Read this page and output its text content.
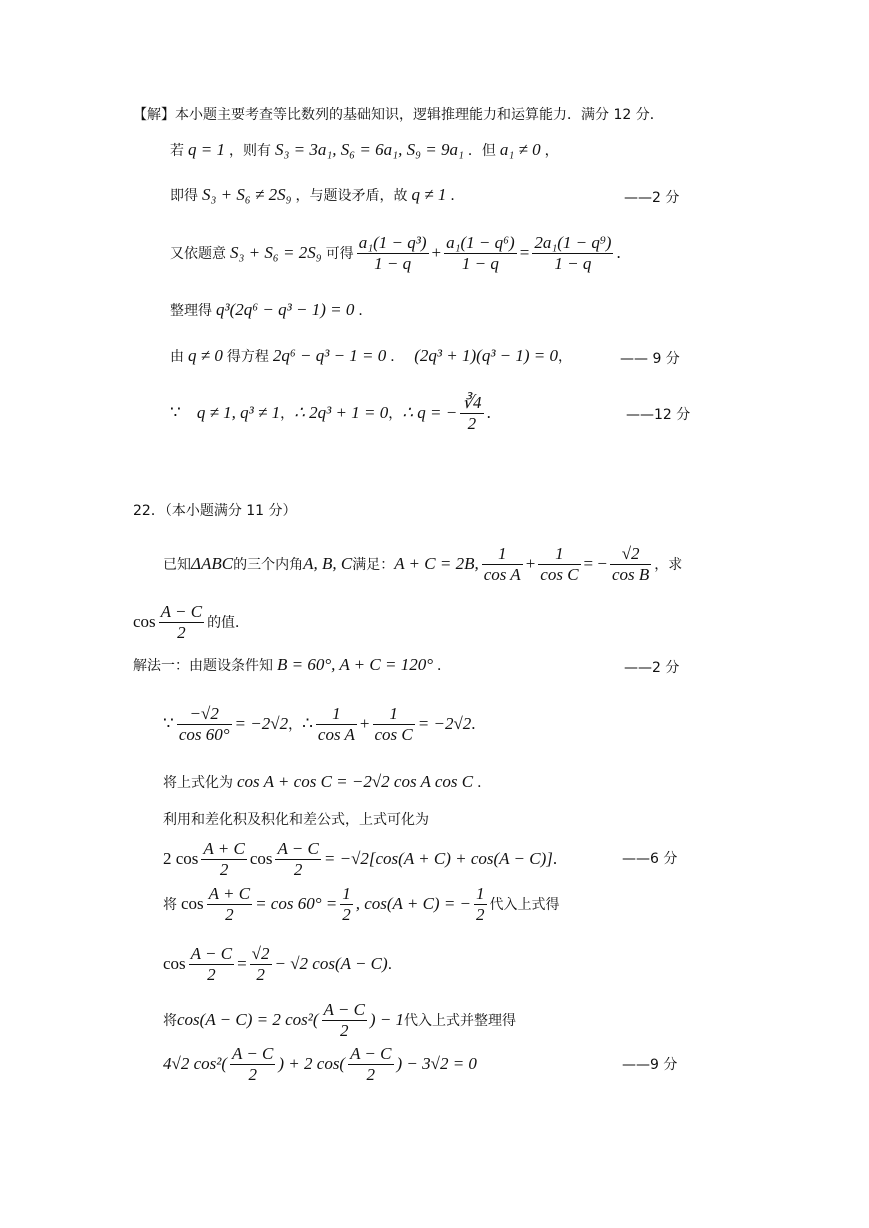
【解】本小题主要考查等比数列的基础知识，逻辑推理能力和运算能力．满分 12 分．
若 q = 1 ，则有 S₃ = 3a₁, S₆ = 6a₁, S₉ = 9a₁ ．但 a₁ ≠ 0 ，
即得 S₃ + S₆ ≠ 2S₉ ，与题设矛盾，故 q ≠ 1 ．	——2 分
又依题意 S₃ + S₆ = 2S₉ 可得 $\frac{\text{a₁(1 − q³)}}{1 - q} + \frac{\text{a₁(1 − q⁶)}}{1 - q} = \frac{\text{2a₁(1 − q⁹)}}{1 - q}$ .
整理得 q³(2q⁶ − q³ − 1) = 0 ．
由 q ≠ 0 得方程 2q⁶ − q³ − 1 = 0 ． (2q³ + 1)(q³ − 1) = 0 ，	—— 9 分
∵ q ≠ 1, q³ ≠ 1 ， ∴ 2q³ + 1 = 0 ， ∴ q = − $\frac{∛4}{2}$ .	——12 分
22．（本小题满分 11 分）
已知 ΔABC 的三个内角 A, B, C 满足： A + C = 2B, $\frac{1}{\text{cos A}} + \frac{1}{\text{cos C}}$ = − $\frac{√2}{\text{cos B}}$ ，求
$\cos \frac{A - C}{2}$ 的值．
解法一：由题设条件知 B = 60°, A + C = 120° ．	——2 分
∵ $\frac{-√2}{\cos 60^\circ} = -2√2$ ， ∴ $\frac{1}{\text{cos A}} + \frac{1}{\text{cos C}} = -2√2$ .
将上式化为 cos A + cos C = −2√2 cos A cos C ．
利用和差化积及积化和差公式，上式可化为
2 $\cos \frac{A + C}{2}$ $\cos \frac{A - C}{2} = -√2[\cos(A + C) + \cos(A - C)]$ .	——6 分
将 $\cos \frac{A + C}{2} = \cos 60^\circ = \frac{1}{2}$ , cos(A + C) = − $\frac{1}{2}$ 代入上式得
$\cos \frac{A - C}{2} = \frac{√2}{2} - √2$ cos(A − C) ．
将 cos(A − C) = 2 $\cos^2( \frac{A - C}{2}$ ) − 1 代入上式并整理得
4√2 $\cos^2( \frac{A - C}{2}$ ) + 2 $\cos( \frac{A - C}{2}$ ) − 3√2 = 0	——9 分
